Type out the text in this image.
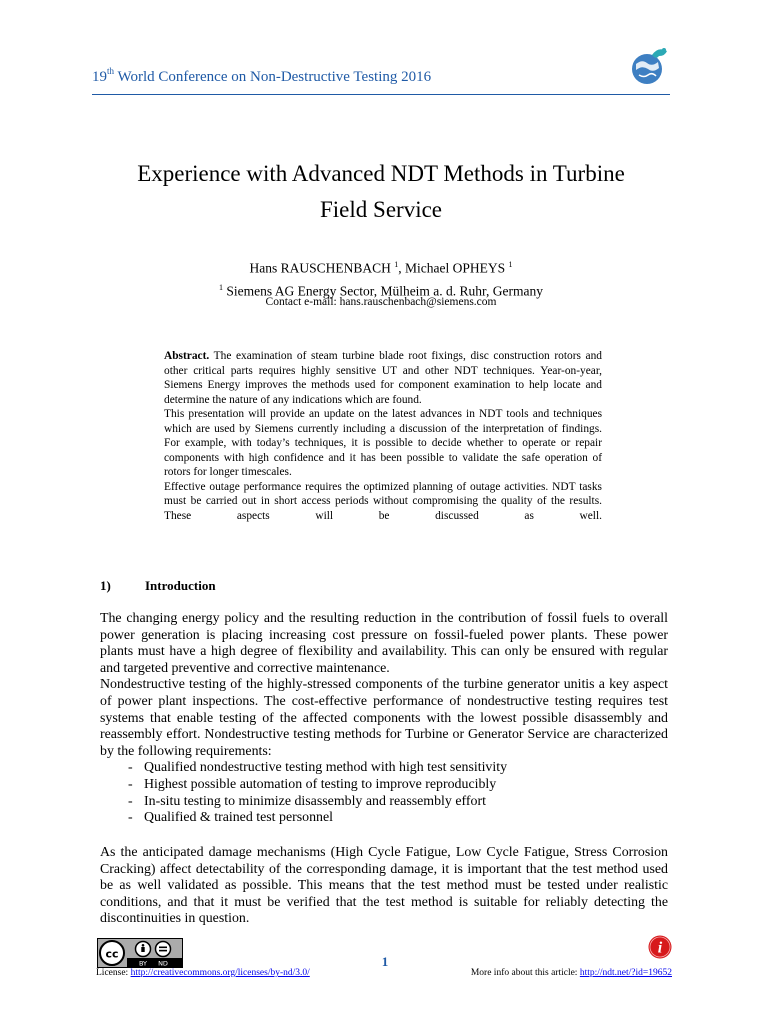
19th World Conference on Non-Destructive Testing 2016
Experience with Advanced NDT Methods in Turbine
Field Service
Hans RAUSCHENBACH $^1$, Michael OPHEYS $^1$
$^1$ Siemens AG Energy Sector, Mülheim a. d. Ruhr, Germany
Contact e-mail: hans.rauschenbach@siemens.com

Abstract. The examination of steam turbine blade root fixings, disc construction rotors and other critical parts requires highly sensitive UT and other NDT techniques. Year-on-year, Siemens Energy improves the methods used for component examination to help locate and determine the nature of any indications which are found.

This presentation will provide an update on the latest advances in NDT tools and techniques which are used by Siemens currently including a discussion of the interpretation of findings. For example, with today’s techniques, it is possible to decide whether to operate or repair components with high confidence and it has been possible to validate the safe operation of rotors for longer timescales.

Effective outage performance requires the optimized planning of outage activities. NDT tasks must be carried out in short access periods without compromising the quality of the results. These aspects will be discussed as well.

1)	Introduction

The changing energy policy and the resulting reduction in the contribution of fossil fuels to overall power generation is placing increasing cost pressure on fossil-fueled power plants. These power plants must have a high degree of flexibility and availability. This can only be ensured with regular and targeted preventive and corrective maintenance.

Nondestructive testing of the highly-stressed components of the turbine generator unitis a key aspect of power plant inspections. The cost-effective performance of nondestructive testing requires test systems that enable testing of the affected components with the lowest possible disassembly and reassembly effort. Nondestructive testing methods for Turbine or Generator Service are characterized by the following requirements:

- Qualified nondestructive testing method with high test sensitivity
- Highest possible automation of testing to improve reproducibly
- In-situ testing to minimize disassembly and reassembly effort
- Qualified & trained test personnel

As the anticipated damage mechanisms (High Cycle Fatigue, Low Cycle Fatigue, Stress Corrosion Cracking) affect detectability of the corresponding damage, it is important that the test method used be as well validated as possible. This means that the test method must be tested under realistic conditions, and that it must be verified that the test method is suitable for reliably detecting the discontinuities in question.

cc
BY ND	1
i
License: http://creativecommons.org/licenses/by-nd/3.0/	More info about this article: http://ndt.net/?id=19652
